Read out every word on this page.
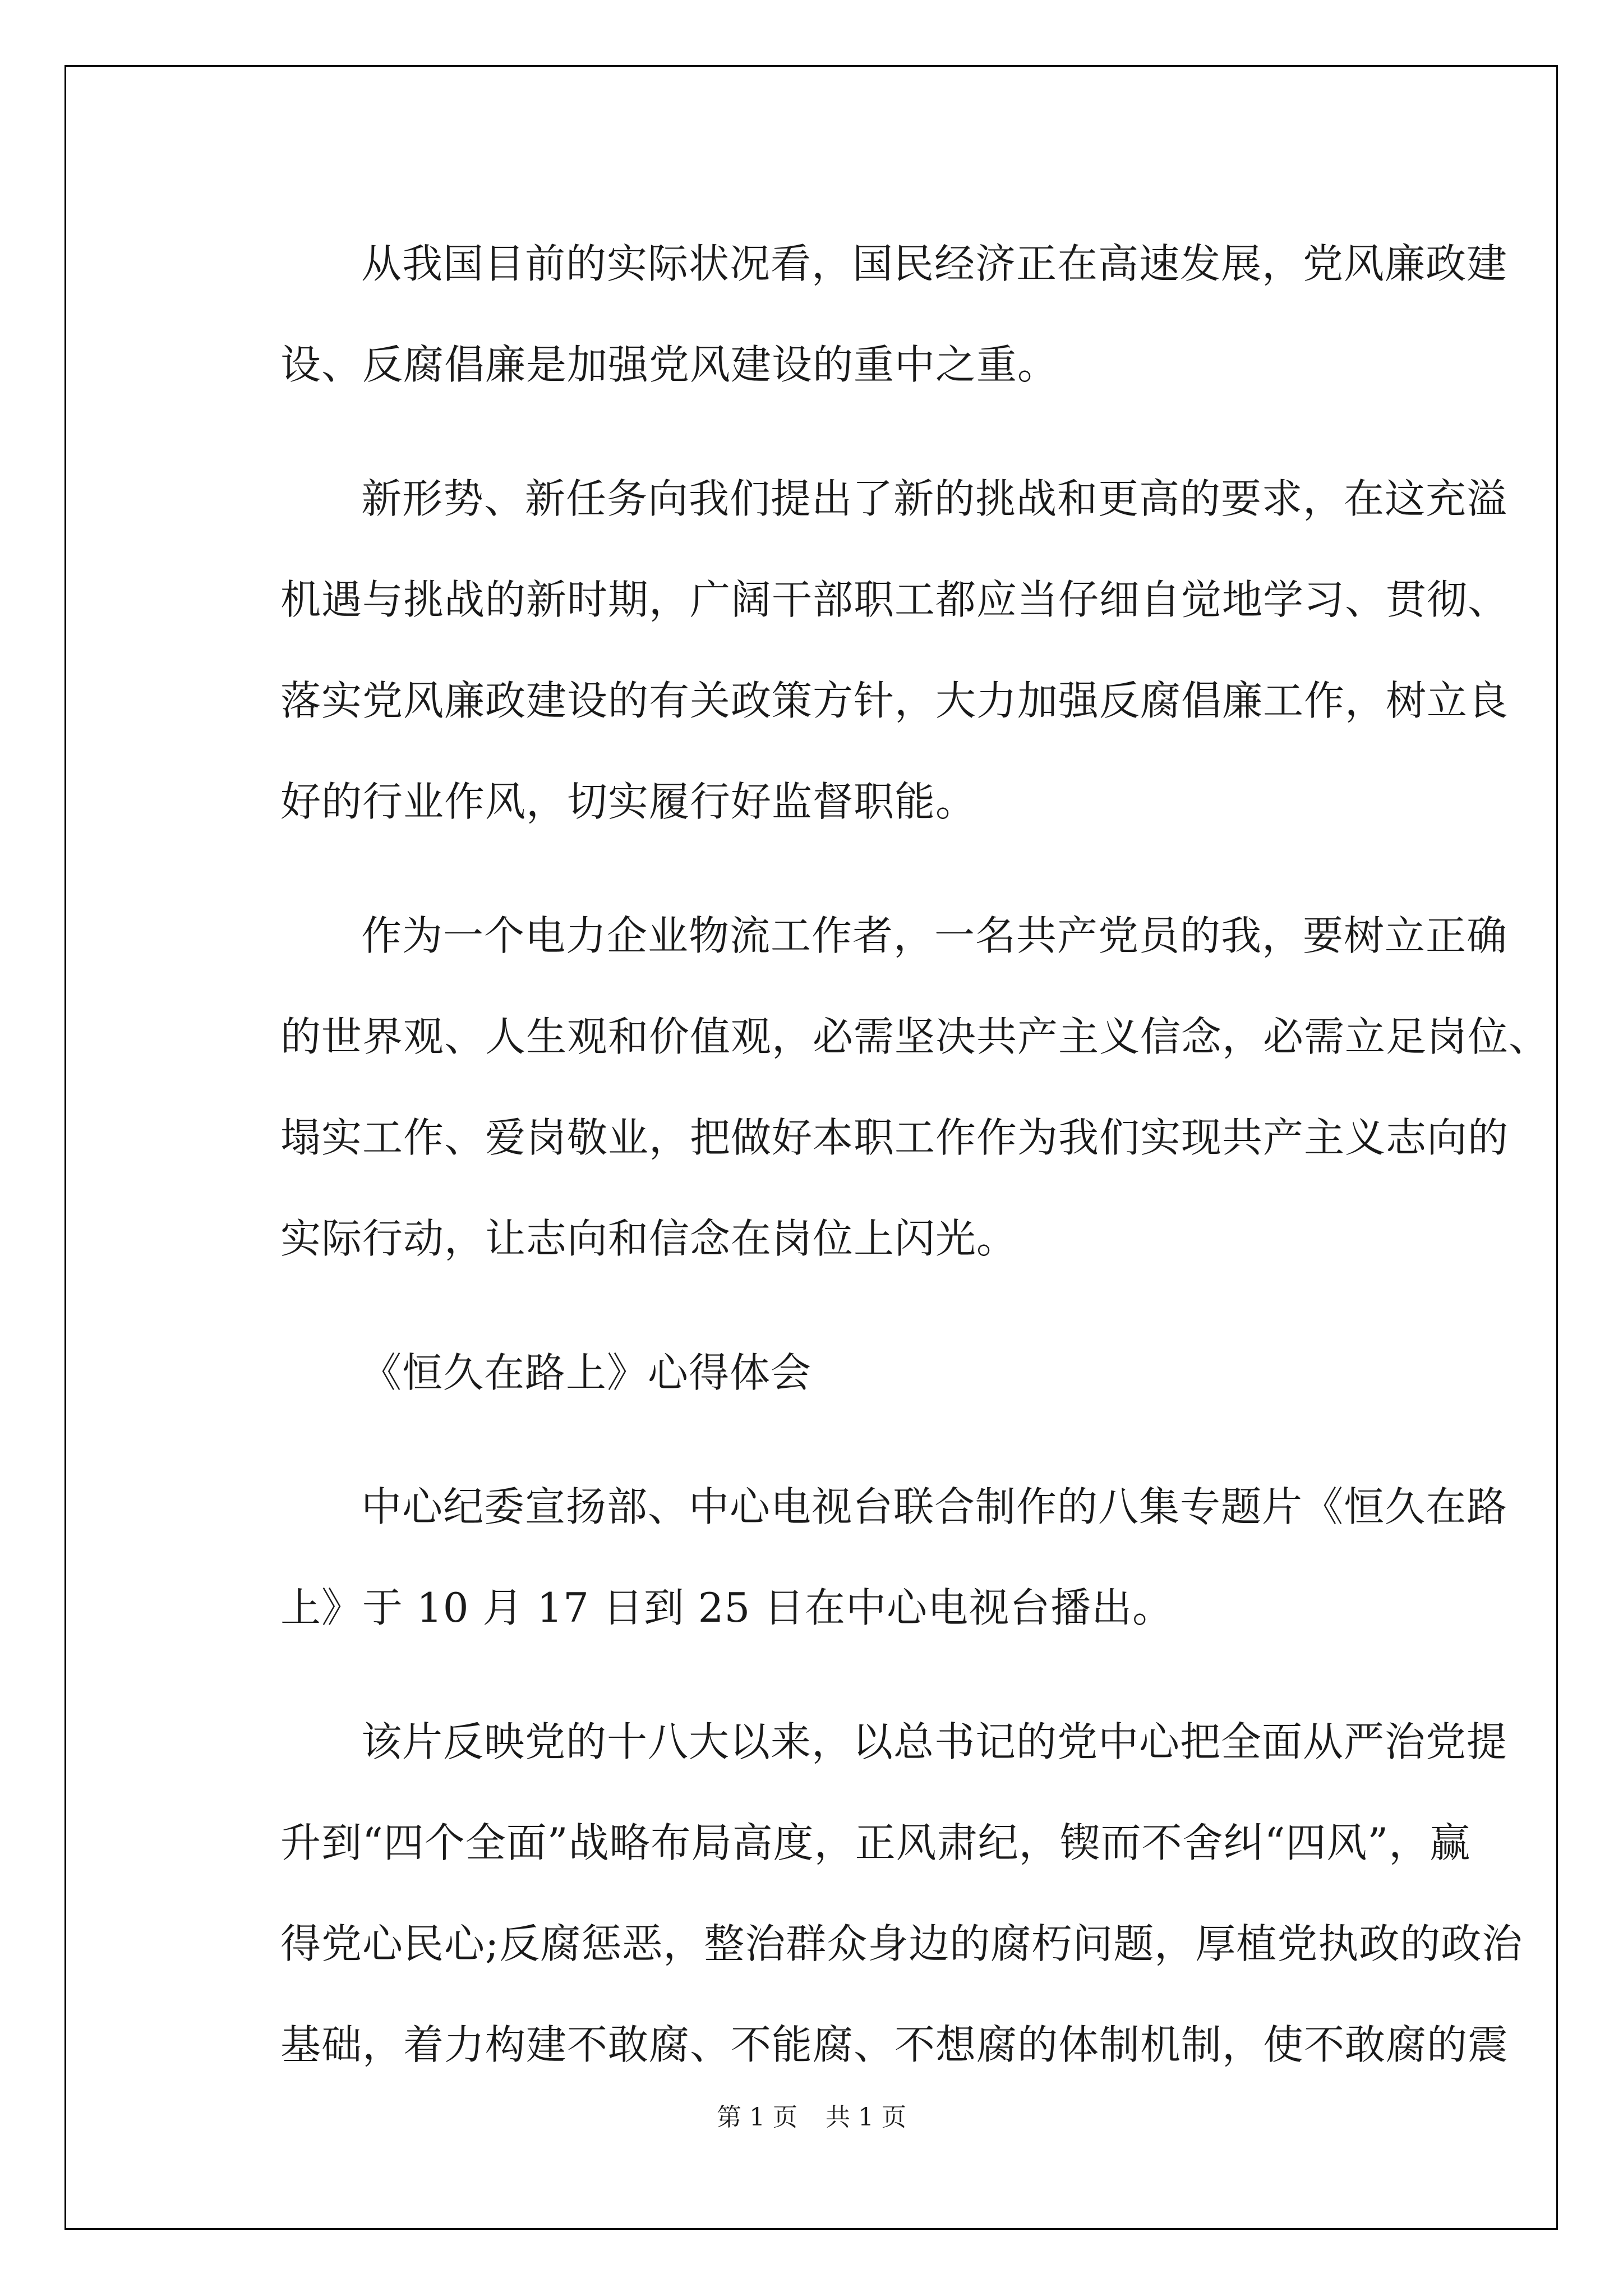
从我国目前的实际状况看，国民经济正在高速发展，党风廉政建
设、反腐倡廉是加强党风建设的重中之重。
新形势、新任务向我们提出了新的挑战和更高的要求，在这充溢
机遇与挑战的新时期，广阔干部职工都应当仔细自觉地学习、贯彻、
落实党风廉政建设的有关政策方针，大力加强反腐倡廉工作，树立良
好的行业作风，切实履行好监督职能。
作为一个电力企业物流工作者，一名共产党员的我，要树立正确
的世界观、人生观和价值观，必需坚决共产主义信念，必需立足岗位、
塌实工作、爱岗敬业，把做好本职工作作为我们实现共产主义志向的
实际行动，让志向和信念在岗位上闪光。
《恒久在路上》心得体会
中心纪委宣扬部、中心电视台联合制作的八集专题片《恒久在路
上》于 10 月 17 日到 25 日在中心电视台播出。
该片反映党的十八大以来，以总书记的党中心把全面从严治党提
升到“四个全面”战略布局高度，正风肃纪，锲而不舍纠“四风”，赢
得党心民心;反腐惩恶，整治群众身边的腐朽问题，厚植党执政的政治
基础，着力构建不敢腐、不能腐、不想腐的体制机制，使不敢腐的震
第 1 页 共 1 页
